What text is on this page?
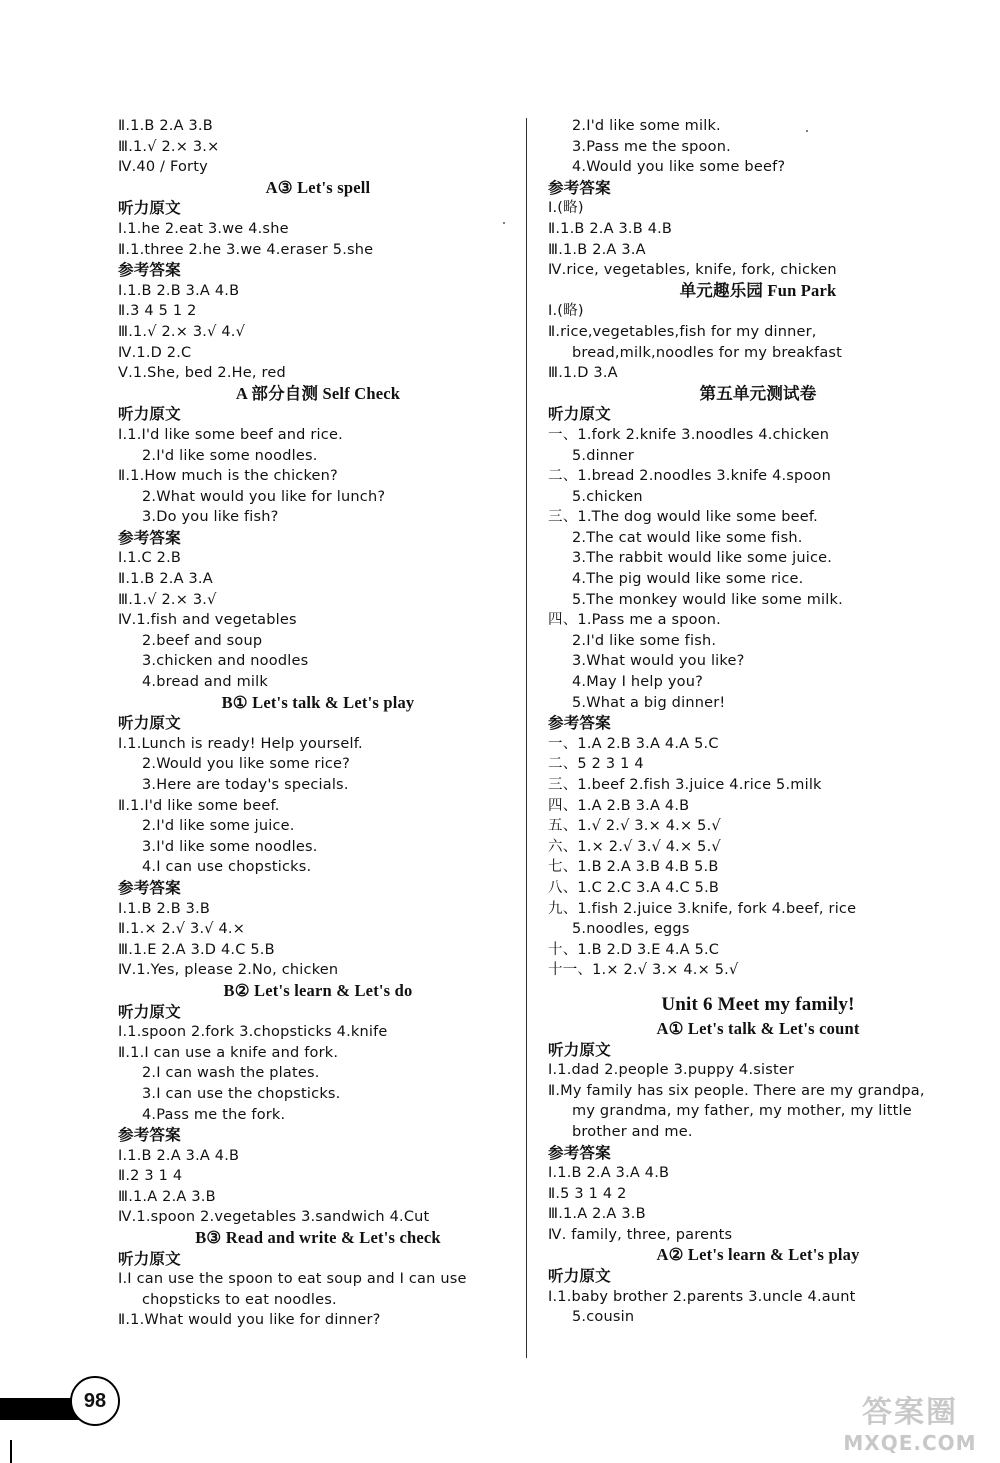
Ⅱ.1.B 2.A 3.B
Ⅲ.1.√ 2.× 3.×
Ⅳ.40 / Forty
A③ Let's spell
听力原文
Ⅰ.1.he 2.eat 3.we 4.she
Ⅱ.1.three 2.he 3.we 4.eraser 5.she
参考答案
Ⅰ.1.B 2.B 3.A 4.B
Ⅱ.3 4 5 1 2
Ⅲ.1.√ 2.× 3.√ 4.√
Ⅳ.1.D 2.C
Ⅴ.1.She, bed 2.He, red
A 部分自测 Self Check
听力原文
Ⅰ.1.I'd like some beef and rice.
2.I'd like some noodles.
Ⅱ.1.How much is the chicken?
2.What would you like for lunch?
3.Do you like fish?
参考答案
Ⅰ.1.C 2.B
Ⅱ.1.B 2.A 3.A
Ⅲ.1.√ 2.× 3.√
Ⅳ.1.fish and vegetables
2.beef and soup
3.chicken and noodles
4.bread and milk
B① Let's talk & Let's play
听力原文
Ⅰ.1.Lunch is ready! Help yourself.
2.Would you like some rice?
3.Here are today's specials.
Ⅱ.1.I'd like some beef.
2.I'd like some juice.
3.I'd like some noodles.
4.I can use chopsticks.
参考答案
Ⅰ.1.B 2.B 3.B
Ⅱ.1.× 2.√ 3.√ 4.×
Ⅲ.1.E 2.A 3.D 4.C 5.B
Ⅳ.1.Yes, please 2.No, chicken
B② Let's learn & Let's do
听力原文
Ⅰ.1.spoon 2.fork 3.chopsticks 4.knife
Ⅱ.1.I can use a knife and fork.
2.I can wash the plates.
3.I can use the chopsticks.
4.Pass me the fork.
参考答案
Ⅰ.1.B 2.A 3.A 4.B
Ⅱ.2 3 1 4
Ⅲ.1.A 2.A 3.B
Ⅳ.1.spoon 2.vegetables 3.sandwich 4.Cut
B③ Read and write & Let's check
听力原文
Ⅰ.I can use the spoon to eat soup and I can use
chopsticks to eat noodles.
Ⅱ.1.What would you like for dinner?
2.I'd like some milk.
3.Pass me the spoon.
4.Would you like some beef?
参考答案
Ⅰ.(略)
Ⅱ.1.B 2.A 3.B 4.B
Ⅲ.1.B 2.A 3.A
Ⅳ.rice, vegetables, knife, fork, chicken
单元趣乐园 Fun Park
Ⅰ.(略)
Ⅱ.rice,vegetables,fish for my dinner,
bread,milk,noodles for my breakfast
Ⅲ.1.D 3.A
第五单元测试卷
听力原文
一、1.fork 2.knife 3.noodles 4.chicken
5.dinner
二、1.bread 2.noodles 3.knife 4.spoon
5.chicken
三、1.The dog would like some beef.
2.The cat would like some fish.
3.The rabbit would like some juice.
4.The pig would like some rice.
5.The monkey would like some milk.
四、1.Pass me a spoon.
2.I'd like some fish.
3.What would you like?
4.May I help you?
5.What a big dinner!
参考答案
一、1.A 2.B 3.A 4.A 5.C
二、5 2 3 1 4
三、1.beef 2.fish 3.juice 4.rice 5.milk
四、1.A 2.B 3.A 4.B
五、1.√ 2.√ 3.× 4.× 5.√
六、1.× 2.√ 3.√ 4.× 5.√
七、1.B 2.A 3.B 4.B 5.B
八、1.C 2.C 3.A 4.C 5.B
九、1.fish 2.juice 3.knife, fork 4.beef, rice
5.noodles, eggs
十、1.B 2.D 3.E 4.A 5.C
十一、1.× 2.√ 3.× 4.× 5.√
Unit 6 Meet my family!
A① Let's talk & Let's count
听力原文
Ⅰ.1.dad 2.people 3.puppy 4.sister
Ⅱ.My family has six people. There are my grandpa,
my grandma, my father, my mother, my little
brother and me.
参考答案
Ⅰ.1.B 2.A 3.A 4.B
Ⅱ.5 3 1 4 2
Ⅲ.1.A 2.A 3.B
Ⅳ. family, three, parents
A② Let's learn & Let's play
听力原文
Ⅰ.1.baby brother 2.parents 3.uncle 4.aunt
5.cousin
98	答案圈
MXQE.COM
